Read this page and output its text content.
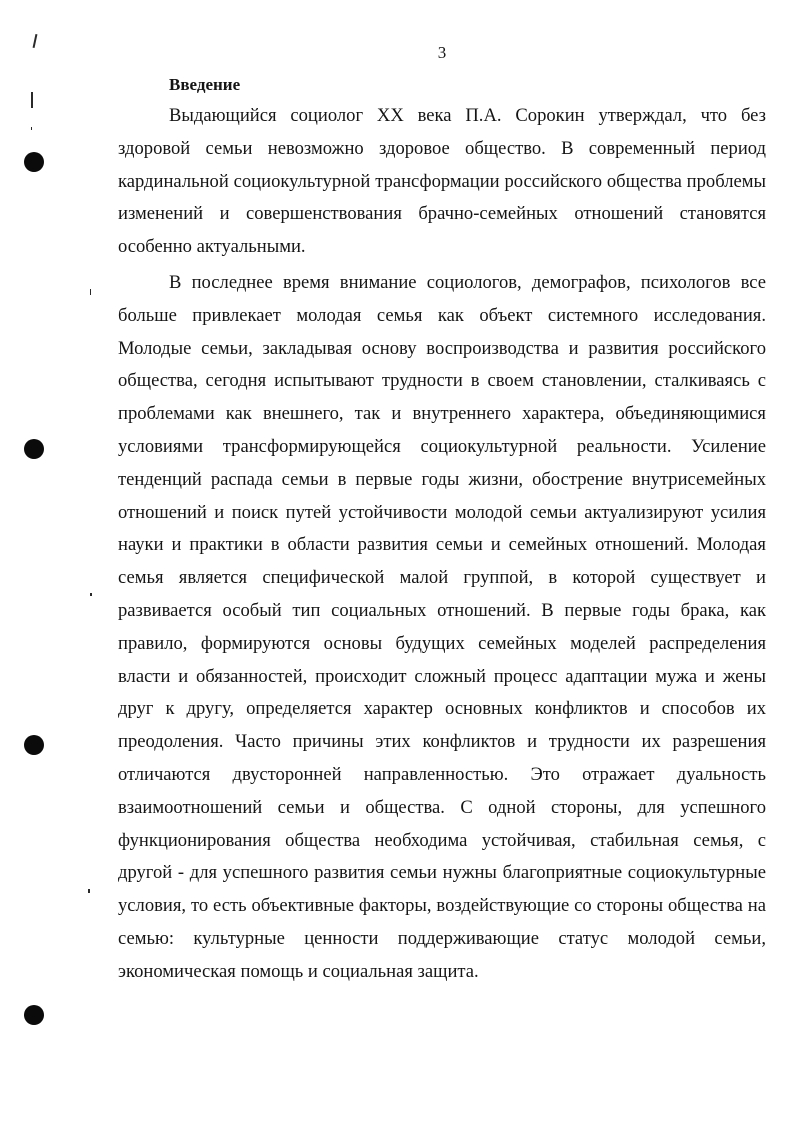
3
Введение

Выдающийся социолог XX века П.А. Сорокин утверждал, что без здоровой семьи невозможно здоровое общество. В современный период кардинальной социокультурной трансформации российского общества проблемы изменений и совершенствования брачно-семейных отношений становятся особенно актуальными.

В последнее время внимание социологов, демографов, психологов все больше привлекает молодая семья как объект системного исследования. Молодые семьи, закладывая основу воспроизводства и развития российского общества, сегодня испытывают трудности в своем становлении, сталкиваясь с проблемами как внешнего, так и внутреннего характера, объединяющимися условиями трансформирующейся социокультурной реальности. Усиление тенденций распада семьи в первые годы жизни, обострение внутрисемейных отношений и поиск путей устойчивости молодой семьи актуализируют усилия науки и практики в области развития семьи и семейных отношений. Молодая семья является специфической малой группой, в которой существует и развивается особый тип социальных отношений. В первые годы брака, как правило, формируются основы будущих семейных моделей распределения власти и обязанностей, происходит сложный процесс адаптации мужа и жены друг к другу, определяется характер основных конфликтов и способов их преодоления. Часто причины этих конфликтов и трудности их разрешения отличаются двусторонней направленностью. Это отражает дуальность взаимоотношений семьи и общества. С одной стороны, для успешного функционирования общества необходима устойчивая, стабильная семья, с другой - для успешного развития семьи нужны благоприятные социокультурные условия, то есть объективные факторы, воздействующие со стороны общества на семью: культурные ценности поддерживающие статус молодой семьи, экономическая помощь и социальная защита.
